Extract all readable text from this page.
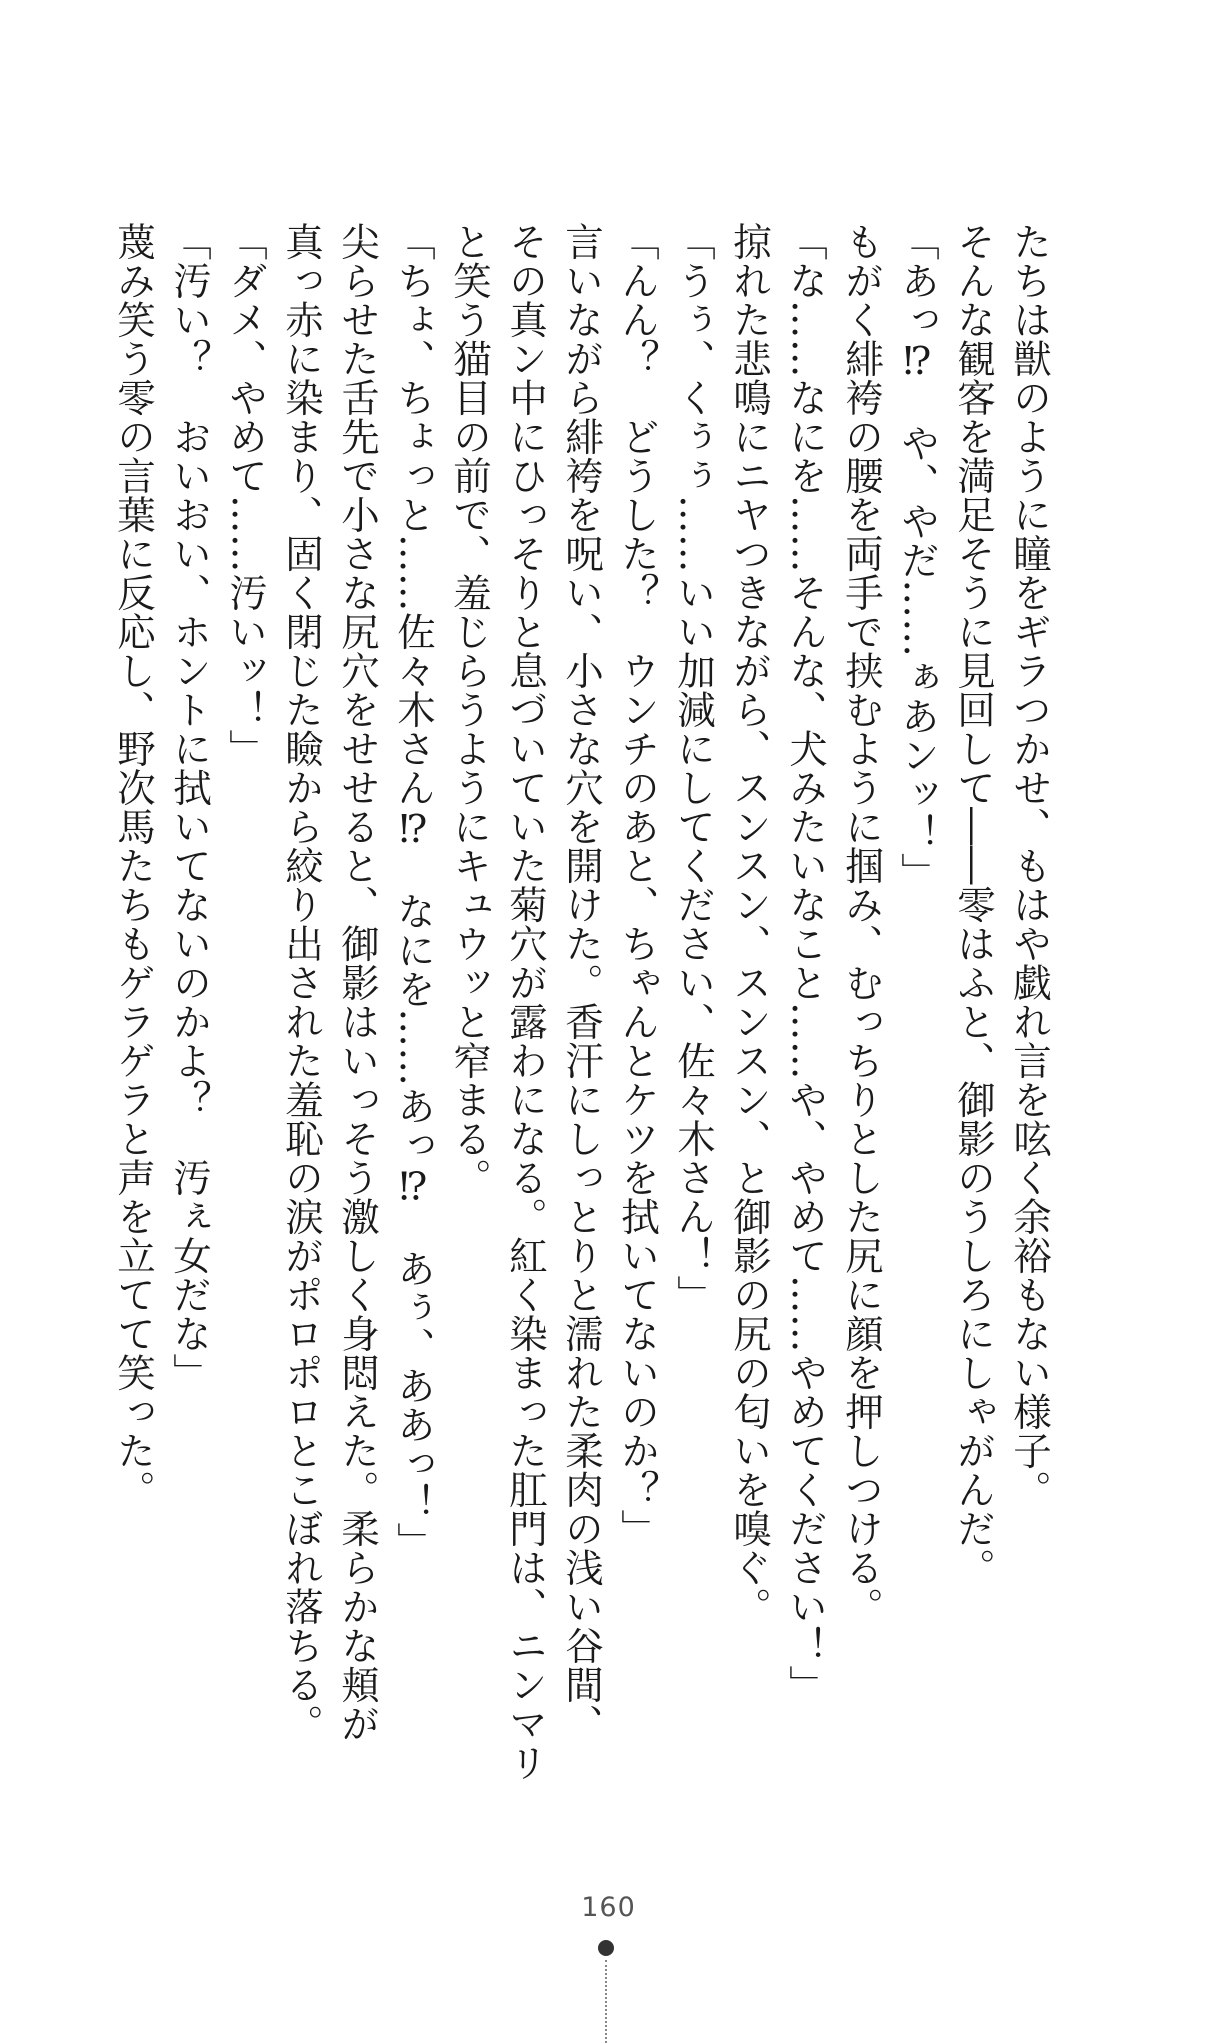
たちは獣のように瞳をギラつかせ、もはや戯れ言を呟く余裕もない様子。
そんな観客を満足そうに見回して――零はふと、御影のうしろにしゃがんだ。
「あっ⁉　や、やだ……ぁあンッ！」
もがく緋袴の腰を両手で挟むように掴み、むっちりとした尻に顔を押しつける。
「な……なにを……そんな、犬みたいなこと……や、やめて……やめてください！」
掠れた悲鳴にニヤつきながら、スンスン、スンスン、と御影の尻の匂いを嗅ぐ。
「うぅ、くぅぅ……いい加減にしてください、佐々木さん！」
「んん？　どうした？　ウンチのあと、ちゃんとケツを拭いてないのか？」
言いながら緋袴を呪い、小さな穴を開けた。香汗にしっとりと濡れた柔肉の浅い谷間、
その真ン中にひっそりと息づいていた菊穴が露わになる。紅く染まった肛門は、ニンマリ
と笑う猫目の前で、羞じらうようにキュウッと窄まる。
「ちょ、ちょっと……佐々木さん⁉　なにを……あっ⁉　あぅ、ああっ！」
尖らせた舌先で小さな尻穴をせせると、御影はいっそう激しく身悶えた。柔らかな頬が
真っ赤に染まり、固く閉じた瞼から絞り出された羞恥の涙がポロポロとこぼれ落ちる。
「ダメ、やめて……汚いッ！」
「汚い？　おいおい、ホントに拭いてないのかよ？　汚ぇ女だな」
蔑み笑う零の言葉に反応し、野次馬たちもゲラゲラと声を立てて笑った。
160
